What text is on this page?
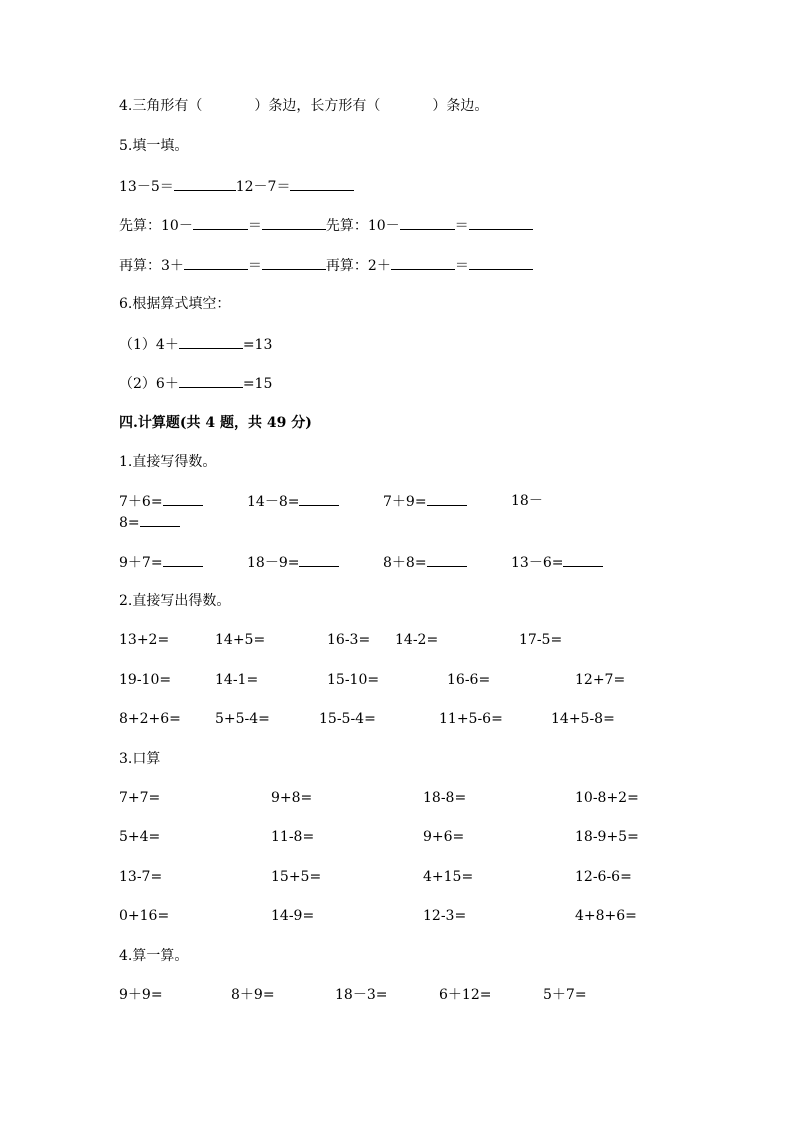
4.三角形有（	）条边，长方形有（	）条边。
5.填一填。
13－5＝	12－7＝
先算：10－	＝	先算：10－	＝
再算：3＋	＝	再算：2＋	＝
6.根据算式填空：
（1）4＋	=13
（2）6＋	=15
四.计算题(共 4 题，共 49 分)
1.直接写得数。
7＋6=	14－8=	7＋9=	18－
8=
9＋7=	18－9=	8＋8=	13－6=
2.直接写出得数。
13+2=	14+5=	16-3= 14-2=	17-5=
19-10=	14-1=	15-10=	16-6=	12+7=
8+2+6= 5+5-4=	15-5-4=	11+5-6=	14+5-8=
3.口算
7+7=	9+8=	18-8=	10-8+2=
5+4=	11-8=	9+6=	18-9+5=
13-7=	15+5=	4+15=	12-6-6=
0+16=	14-9=	12-3=	4+8+6=
4.算一算。
9＋9=	8＋9=	18－3=	6＋12=	5＋7=
